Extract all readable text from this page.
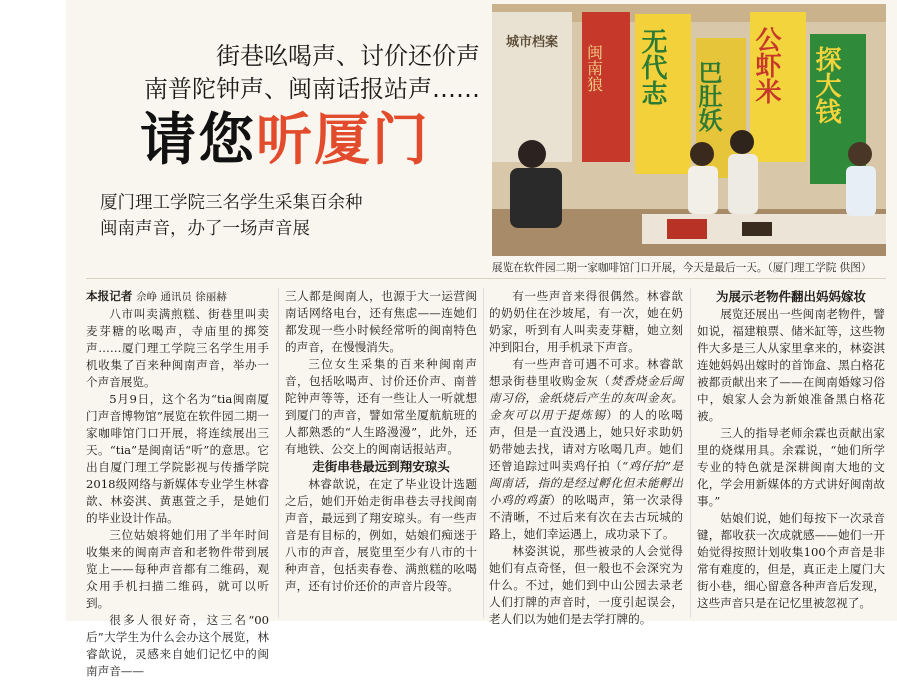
街巷吆喝声、讨价还价声
南普陀钟声、闽南话报站声……
请您听厦门
厦门理工学院三名学生采集百余种
闽南声音，办了一场声音展
城市档案
闽南狼 无代志 巴肚妖 公虾米 探大钱
展览在软件园二期一家咖啡馆门口开展，今天是最后一天。（厦门理工学院 供图）

本报记者 佘峥 通讯员 徐丽赫

八市叫卖满煎糕、街巷里叫卖麦芽糖的吆喝声，寺庙里的掷筊声……厦门理工学院三名学生用手机收集了百来种闽南声音，举办一个声音展览。

5月9日，这个名为“tia闽南厦门声音博物馆”展览在软件园二期一家咖啡馆门口开展，将连续展出三天。“tia”是闽南话“听”的意思。它出自厦门理工学院影视与传播学院2018级网络与新媒体专业学生林睿歆、林姿淇、黄惠萱之手，是她们的毕业设计作品。

三位姑娘将她们用了半年时间收集来的闽南声音和老物件带到展览上——每种声音都有二维码，观众用手机扫描二维码，就可以听到。

很多人很好奇，这三名“00后”大学生为什么会办这个展览，林睿歆说，灵感来自她们记忆中的闽南声音——

三人都是闽南人，也源于大一运营闽南话网络电台，还有焦虑——连她们都发现一些小时候经常听的闽南特色的声音，在慢慢消失。

三位女生采集的百来种闽南声音，包括吆喝声、讨价还价声、南普陀钟声等等，还有一些让人一听就想到厦门的声音，譬如常坐厦航航班的人都熟悉的“人生路漫漫”，此外，还有地铁、公交上的闽南话报站声。

走街串巷最远到翔安琼头

林睿歆说，在定了毕业设计选题之后，她们开始走街串巷去寻找闽南声音，最远到了翔安琼头。有一些声音是有目标的，例如，姑娘们痴迷于八市的声音，展览里至少有八市的十种声音，包括卖春卷、满煎糕的吆喝声，还有讨价还价的声音片段等。

有一些声音来得很偶然。林睿歆的奶奶住在沙坡尾，有一次，她在奶奶家，听到有人叫卖麦芽糖，她立刻冲到阳台，用手机录下声音。

有一些声音可遇不可求。林睿歆想录街巷里收购金灰（焚香烧金后闽南习俗，金纸烧后产生的灰叫金灰。金灰可以用于提炼锡）的人的吆喝声，但是一直没遇上，她只好求助奶奶带她去找，请对方吆喝几声。她们还曾追踪过叫卖鸡仔拍（“鸡仔拍”是闽南话，指的是经过孵化但未能孵出小鸡的鸡蛋）的吆喝声，第一次录得不清晰，不过后来有次在去古玩城的路上，她们幸运遇上，成功录下了。

林姿淇说，那些被录的人会觉得她们有点奇怪，但一般也不会深究为什么。不过，她们到中山公园去录老人们打牌的声音时，一度引起误会，老人们以为她们是去学打牌的。

为展示老物件翻出妈妈嫁妆

展览还展出一些闽南老物件，譬如说，福建粮票、储米缸等，这些物件大多是三人从家里拿来的，林姿淇连她妈妈出嫁时的首饰盒、黑白格花被都贡献出来了——在闽南婚嫁习俗中，娘家人会为新娘准备黑白格花被。

三人的指导老师余霖也贡献出家里的烧煤用具。余霖说，“她们所学专业的特色就是深耕闽南大地的文化，学会用新媒体的方式讲好闽南故事。”

姑娘们说，她们每按下一次录音键，都收获一次成就感——她们一开始觉得按照计划收集100个声音是非常有难度的，但是，真正走上厦门大街小巷，细心留意各种声音后发现，这些声音只是在记忆里被忽视了。
